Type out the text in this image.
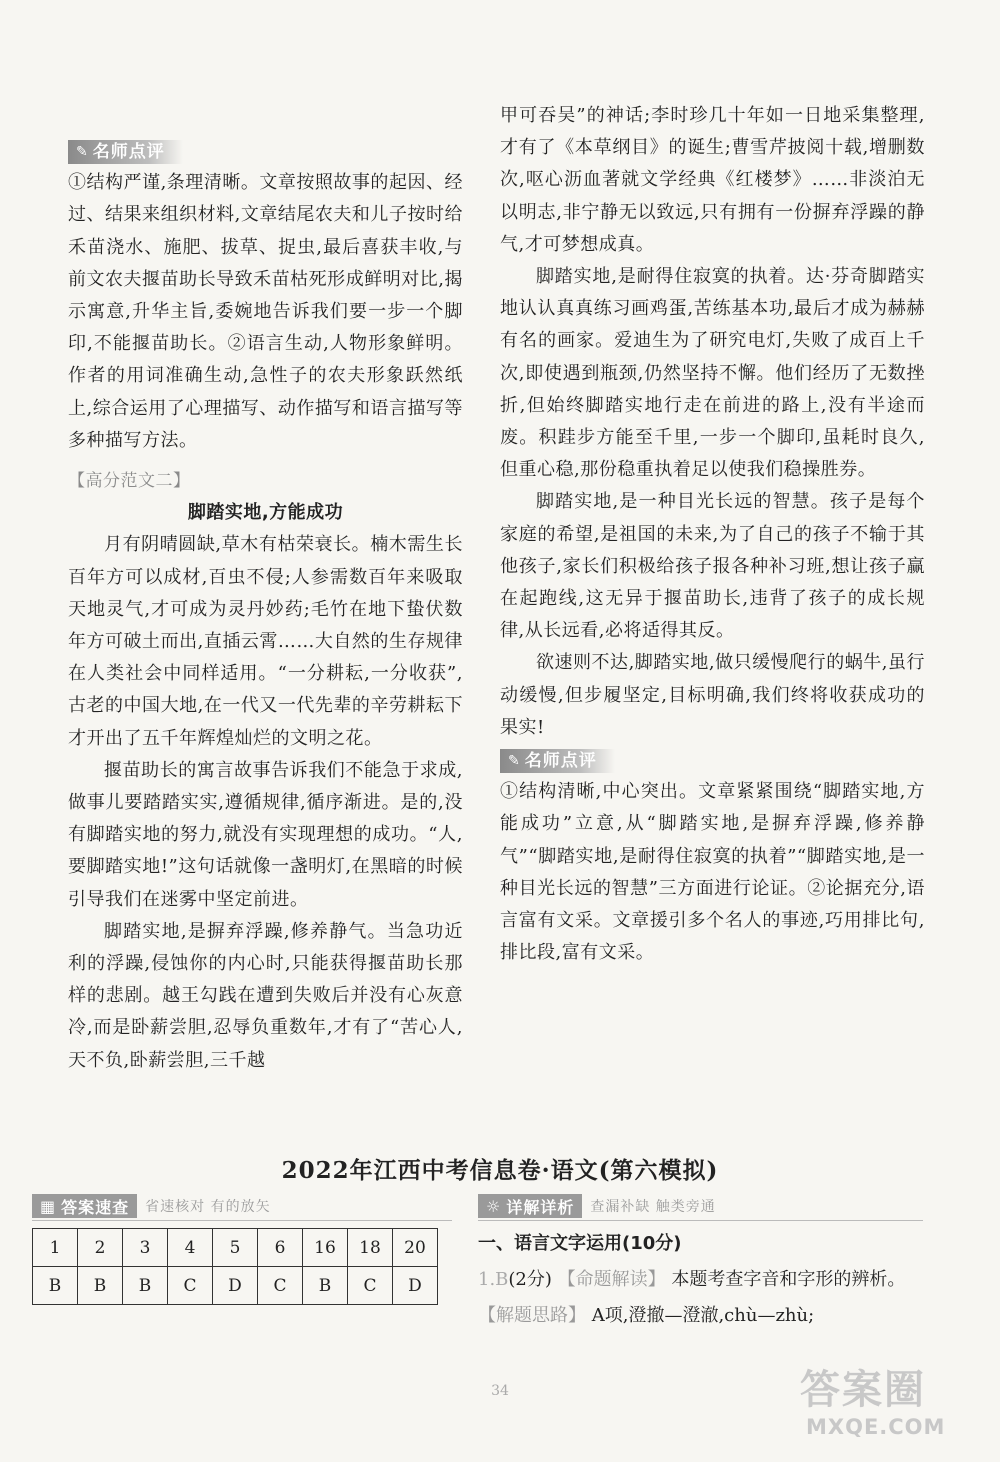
✎ 名师点评

①结构严谨,条理清晰。文章按照故事的起因、经过、结果来组织材料,文章结尾农夫和儿子按时给禾苗浇水、施肥、拔草、捉虫,最后喜获丰收,与前文农夫揠苗助长导致禾苗枯死形成鲜明对比,揭示寓意,升华主旨,委婉地告诉我们要一步一个脚印,不能揠苗助长。②语言生动,人物形象鲜明。作者的用词准确生动,急性子的农夫形象跃然纸上,综合运用了心理描写、动作描写和语言描写等多种描写方法。

【高分范文二】

脚踏实地,方能成功

月有阴晴圆缺,草木有枯荣衰长。楠木需生长百年方可以成材,百虫不侵;人参需数百年来吸取天地灵气,才可成为灵丹妙药;毛竹在地下蛰伏数年方可破土而出,直插云霄……大自然的生存规律在人类社会中同样适用。“一分耕耘,一分收获”,古老的中国大地,在一代又一代先辈的辛劳耕耘下才开出了五千年辉煌灿烂的文明之花。

揠苗助长的寓言故事告诉我们不能急于求成,做事儿要踏踏实实,遵循规律,循序渐进。是的,没有脚踏实地的努力,就没有实现理想的成功。“人,要脚踏实地!”这句话就像一盏明灯,在黑暗的时候引导我们在迷雾中坚定前进。

脚踏实地,是摒弃浮躁,修养静气。当急功近利的浮躁,侵蚀你的内心时,只能获得揠苗助长那样的悲剧。越王勾践在遭到失败后并没有心灰意冷,而是卧薪尝胆,忍辱负重数年,才有了“苦心人,天不负,卧薪尝胆,三千越

甲可吞吴”的神话;李时珍几十年如一日地采集整理,才有了《本草纲目》的诞生;曹雪芹披阅十载,增删数次,呕心沥血著就文学经典《红楼梦》……非淡泊无以明志,非宁静无以致远,只有拥有一份摒弃浮躁的静气,才可梦想成真。

脚踏实地,是耐得住寂寞的执着。达·芬奇脚踏实地认认真真练习画鸡蛋,苦练基本功,最后才成为赫赫有名的画家。爱迪生为了研究电灯,失败了成百上千次,即使遇到瓶颈,仍然坚持不懈。他们经历了无数挫折,但始终脚踏实地行走在前进的路上,没有半途而废。积跬步方能至千里,一步一个脚印,虽耗时良久,但重心稳,那份稳重执着足以使我们稳操胜券。

脚踏实地,是一种目光长远的智慧。孩子是每个家庭的希望,是祖国的未来,为了自己的孩子不输于其他孩子,家长们积极给孩子报各种补习班,想让孩子赢在起跑线,这无异于揠苗助长,违背了孩子的成长规律,从长远看,必将适得其反。

欲速则不达,脚踏实地,做只缓慢爬行的蜗牛,虽行动缓慢,但步履坚定,目标明确,我们终将收获成功的果实!

✎ 名师点评

①结构清晰,中心突出。文章紧紧围绕“脚踏实地,方能成功”立意,从“脚踏实地,是摒弃浮躁,修养静气”“脚踏实地,是耐得住寂寞的执着”“脚踏实地,是一种目光长远的智慧”三方面进行论证。②论据充分,语言富有文采。文章援引多个名人的事迹,巧用排比句,排比段,富有文采。

2022年江西中考信息卷·语文(第六模拟)
▦ 答案速查 省速核对 有的放矢
1	2	3	4	5	6	16	18	20
B	B	B	C	D	C	B	C	D
☼ 详解详析 查漏补缺 触类旁通

一、语言文字运用(10分)

1.B(2分) 【命题解读】 本题考查字音和字形的辨析。

【解题思路】 A项,澄撤—澄澈,chù—zhù;

34	答案圈
MXQE.COM
